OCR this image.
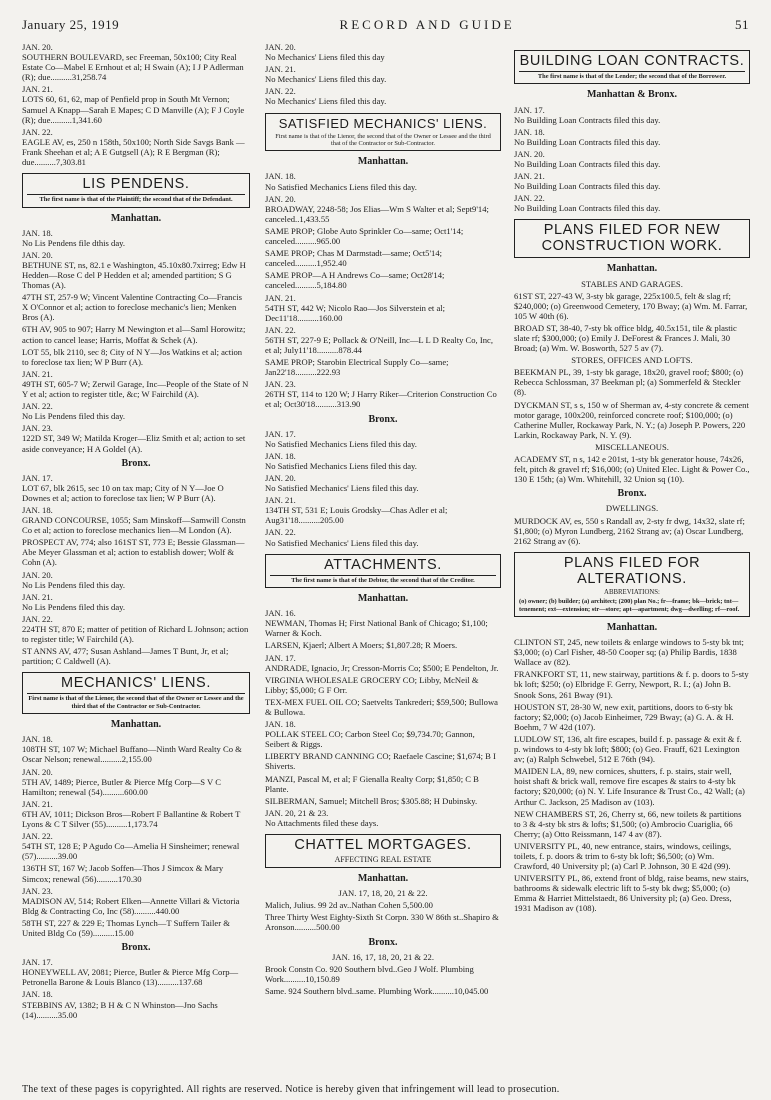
January 25, 1919	RECORD AND GUIDE	51
JAN. 20.
SOUTHERN BOULEVARD, sec Freeman, 50x100; City Real Estate Co—Mabel E Ernhout et al; H Swain (A); I J P Adlerman (R); due..........31,258.74
JAN. 21.
LOTS 60, 61, 62, map of Penfield prop in South Mt Vernon; Samuel A Knapp—Sarah E Mapes; C D Manville (A); F J Coyle (R); due..........1,341.60
JAN. 22.
EAGLE AV, es, 250 n 158th, 50x100; North Side Savgs Bank — Frank Sheehan et al; A E Gutgsell (A); R E Bergman (R); due..........7,303.81
LIS PENDENS.
The first name is that of the Plaintiff; the second that of the Defendant.
Manhattan.
JAN. 18.
No Lis Pendens file dthis day.
JAN. 20.
BETHUNE ST, ns, 82.1 e Washington, 45.10x80.7xirreg; Edw H Hedden—Rose C del P Hedden et al; amended partition; S G Thomas (A).
47TH ST, 257-9 W; Vincent Valentine Contracting Co—Francis X O'Connor et al; action to foreclose mechanic's lien; Menken Bros (A).
6TH AV, 905 to 907; Harry M Newington et al—Saml Horowitz; action to cancel lease; Harris, Moffat & Schek (A).
LOT 55, blk 2110, sec 8; City of N Y—Jos Watkins et al; action to foreclose tax lien; W P Burr (A).
JAN. 21.
49TH ST, 605-7 W; Zerwil Garage, Inc—People of the State of N Y et al; action to register title, &c; W Fairchild (A).
JAN. 22.
No Lis Pendens filed this day.
JAN. 23.
122D ST, 349 W; Matilda Kroger—Eliz Smith et al; action to set aside conveyance; H A Goldel (A).
Bronx.
JAN. 17.
LOT 67, blk 2615, sec 10 on tax map; City of N Y—Joe O Downes et al; action to foreclose tax lien; W P Burr (A).
JAN. 18.
GRAND CONCOURSE, 1055; Sam Minskoff—Samwill Constn Co et al; action to foreclose mechanics lien—M London (A).
PROSPECT AV, 774; also 161ST ST, 773 E; Bessie Glassman—Abe Meyer Glassman et al; action to establish dower; Wolf & Cohn (A).
JAN. 20.
No Lis Pendens filed this day.
JAN. 21.
No Lis Pendens filed this day.
JAN. 22.
224TH ST, 870 E; matter of petition of Richard L Johnson; action to register title; W Fairchild (A).
ST ANNS AV, 477; Susan Ashland—James T Bunt, Jr, et al; partition; C Caldwell (A).
MECHANICS' LIENS.
First name is that of the Lienor, the second that of the Owner or Lessee and the third that of the Contractor or Sub-Contractor.
Manhattan.
JAN. 18.
108TH ST, 107 W; Michael Buffano—Ninth Ward Realty Co & Oscar Nelson; renewal..........2,155.00
JAN. 20.
5TH AV, 1489; Pierce, Butler & Pierce Mfg Corp—S V C Hamilton; renewal (54)..........600.00
JAN. 21.
6TH AV, 1011; Dickson Bros—Robert F Ballantine & Robert T Lyons & C T Silver (55)..........1,173.74
JAN. 22.
54TH ST, 128 E; P Agudo Co—Amelia H Sinsheimer; renewal (57)..........39.00
136TH ST, 167 W; Jacob Soffen—Thos J Simcox & Mary Simcox; renewal (56)..........170.30
JAN. 23.
MADISON AV, 514; Robert Elken—Annette Villari & Victoria Bldg & Contracting Co, Inc (58)..........440.00
58TH ST, 227 & 229 E; Thomas Lynch—T Suffern Tailer & United Bldg Co (59)..........15.00
Bronx.
JAN. 17.
HONEYWELL AV, 2081; Pierce, Butler & Pierce Mfg Corp—Petronella Barone & Louis Blanco (13)..........137.68
JAN. 18.
STEBBINS AV, 1382; B H & C N Whinston—Jno Sachs (14)..........35.00
JAN. 20.
No Mechanics' Liens filed this day
JAN. 21.
No Mechanics' Liens filed this day.
JAN. 22.
No Mechanics' Liens filed this day.
SATISFIED MECHANICS' LIENS.
First name is that of the Lienor, the second that of the Owner or Lessee and the third that of the Contractor or Sub-Contractor.
Manhattan.
JAN. 18.
No Satisfied Mechanics Liens filed this day.
JAN. 20.
BROADWAY, 2248-58; Jos Elias—Wm S Walter et al; Sept9'14; canceled..1,433.55
SAME PROP; Globe Auto Sprinkler Co—same; Oct1'14; canceled..........965.00
SAME PROP; Chas M Darmstadt—same; Oct5'14; canceled..........1,952.40
SAME PROP—A H Andrews Co—same; Oct28'14; canceled..........5,184.80
JAN. 21.
54TH ST, 442 W; Nicolo Rao—Jos Silverstein et al; Dec11'18..........160.00
JAN. 22.
56TH ST, 227-9 E; Pollack & O'Neill, Inc—L L D Realty Co, Inc, et al; July11'18..........878.44
SAME PROP; Starobin Electrical Supply Co—same; Jan22'18..........222.93
JAN. 23.
26TH ST, 114 to 120 W; J Harry Riker—Criterion Construction Co et al; Oct30'18..........313.90
Bronx.
JAN. 17.
No Satisfied Mechanics Liens filed this day.
JAN. 18.
No Satisfied Mechanics Liens filed this day.
JAN. 20.
No Satisfied Mechanics' Liens filed this day.
JAN. 21.
134TH ST, 531 E; Louis Grodsky—Chas Adler et al; Aug31'18..........205.00
JAN. 22.
No Satisfied Mechanics' Liens filed this day.
ATTACHMENTS.
The first name is that of the Debtor, the second that of the Creditor.
Manhattan.
JAN. 16.
NEWMAN, Thomas H; First National Bank of Chicago; $1,100; Warner & Koch.
LARSEN, Kjaerl; Albert A Moers; $1,807.28; R Moers.
JAN. 17.
ANDRADE, Ignacio, Jr; Cresson-Morris Co; $500; E Pendelton, Jr.
VIRGINIA WHOLESALE GROCERY CO; Libby, McNeil & Libby; $5,000; G F Orr.
TEX-MEX FUEL OIL CO; Saetvelts Tankrederi; $59,500; Bullowa & Bullowa.
JAN. 18.
POLLAK STEEL CO; Carbon Steel Co; $9,734.70; Gannon, Seibert & Riggs.
LIBERTY BRAND CANNING CO; Raefaele Cascine; $1,674; B I Shiverts.
MANZI, Pascal M, et al; F Gienalla Realty Corp; $1,850; C B Plante.
SILBERMAN, Samuel; Mitchell Bros; $305.88; H Dubinsky.
JAN. 20, 21 & 23.
No Attachments filed these days.
CHATTEL MORTGAGES.
AFFECTING REAL ESTATE
Manhattan.
JAN. 17, 18, 20, 21 & 22.
Malich, Julius. 99 2d av..Nathan Cohen 5,500.00
Three Thirty West Eighty-Sixth St Corpn. 330 W 86th st..Shapiro & Aronson..........500.00
Bronx.
JAN. 16, 17, 18, 20, 21 & 22.
Brook Constn Co. 920 Southern blvd..Geo J Wolf. Plumbing Work..........10,150.89
Same. 924 Southern blvd..same. Plumbing Work..........10,045.00
BUILDING LOAN CONTRACTS.
The first name is that of the Lender; the second that of the Borrower.
Manhattan & Bronx.
JAN. 17.
No Building Loan Contracts filed this day.
JAN. 18.
No Building Loan Contracts filed this day.
JAN. 20.
No Building Loan Contracts filed this day.
JAN. 21.
No Building Loan Contracts filed this day.
JAN. 22.
No Building Loan Contracts filed this day.
PLANS FILED FOR NEW CONSTRUCTION WORK.
Manhattan.
STABLES AND GARAGES.
61ST ST, 227-43 W, 3-sty bk garage, 225x100.5, felt & slag rf; $240,000; (o) Greenwood Cemetery, 170 Bway; (a) Wm. M. Farrar, 105 W 40th (6).
BROAD ST, 38-40, 7-sty bk office bldg, 40.5x151, tile & plastic slate rf; $300,000; (o) Emily J. DeForest & Frances J. Mali, 30 Broad; (a) Wm. W. Bosworth, 527 5 av (7).
STORES, OFFICES AND LOFTS.
BEEKMAN PL, 39, 1-sty bk garage, 18x20, gravel roof; $800; (o) Rebecca Schlossman, 37 Beekman pl; (a) Sommerfeld & Steckler (8).
DYCKMAN ST, s s, 150 w of Sherman av, 4-sty concrete & cement motor garage, 100x200, reinforced concrete roof; $100,000; (o) Catherine Muller, Rockaway Park, N. Y.; (a) Joseph P. Powers, 220 Larkin, Rockaway Park, N. Y. (9).
MISCELLANEOUS.
ACADEMY ST, n s, 142 e 201st, 1-sty bk generator house, 74x26, felt, pitch & gravel rf; $16,000; (o) United Elec. Light & Power Co., 130 E 15th; (a) Wm. Whitehill, 32 Union sq (10).
Bronx.
DWELLINGS.
MURDOCK AV, es, 550 s Randall av, 2-sty fr dwg, 14x32, slate rf; $1,800; (o) Myron Lundberg, 2162 Strang av; (a) Oscar Lundberg, 2162 Strang av (6).
PLANS FILED FOR ALTERATIONS.
ABBREVIATIONS:
(o) owner; (b) builder; (a) architect; (200) plan No.; fr—frame; bk—brick; tnt—tenement; ext—extension; str—store; apt—apartment; dwg—dwelling; rf—roof.
Manhattan.
CLINTON ST, 245, new toilets & enlarge windows to 5-sty bk tnt; $3,000; (o) Carl Fisher, 48-50 Cooper sq; (a) Philip Bardis, 1838 Wallace av (82).
FRANKFORT ST, 11, new stairway, partitions & f. p. doors to 5-sty bk loft; $250; (o) Elbridge F. Gerry, Newport, R. I.; (a) John B. Snook Sons, 261 Bway (91).
HOUSTON ST, 28-30 W, new exit, partitions, doors to 6-sty bk factory; $2,000; (o) Jacob Einheimer, 729 Bway; (a) G. A. & H. Boehm, 7 W 42d (107).
LUDLOW ST, 136, alt fire escapes, build f. p. passage & exit & f. p. windows to 4-sty bk loft; $800; (o) Geo. Frauff, 621 Lexington av; (a) Ralph Schwebel, 512 E 76th (94).
MAIDEN LA, 89, new cornices, shutters, f. p. stairs, stair well, hoist shaft & brick wall, remove fire escapes & stairs to 4-sty bk factory; $20,000; (o) N. Y. Life Insurance & Trust Co., 42 Wall; (a) Arthur C. Jackson, 25 Madison av (103).
NEW CHAMBERS ST, 26, Cherry st, 66, new toilets & partitions to 3 & 4-sty bk strs & lofts; $1,500; (o) Ambrocio Cuariglia, 66 Cherry; (a) Otto Reissmann, 147 4 av (87).
UNIVERSITY PL, 40, new entrance, stairs, windows, ceilings, toilets, f. p. doors & trim to 6-sty bk loft; $6,500; (o) Wm. Crawford, 40 University pl; (a) Carl P. Johnson, 30 E 42d (99).
UNIVERSITY PL, 86, extend front of bldg, raise beams, new stairs, bathrooms & sidewalk electric lift to 5-sty bk dwg; $5,000; (o) Emma & Harriet Mittelstaedt, 86 University pl; (a) Geo. Dress, 1931 Madison av (108).
The text of these pages is copyrighted. All rights are reserved. Notice is hereby given that infringement will lead to prosecution.
